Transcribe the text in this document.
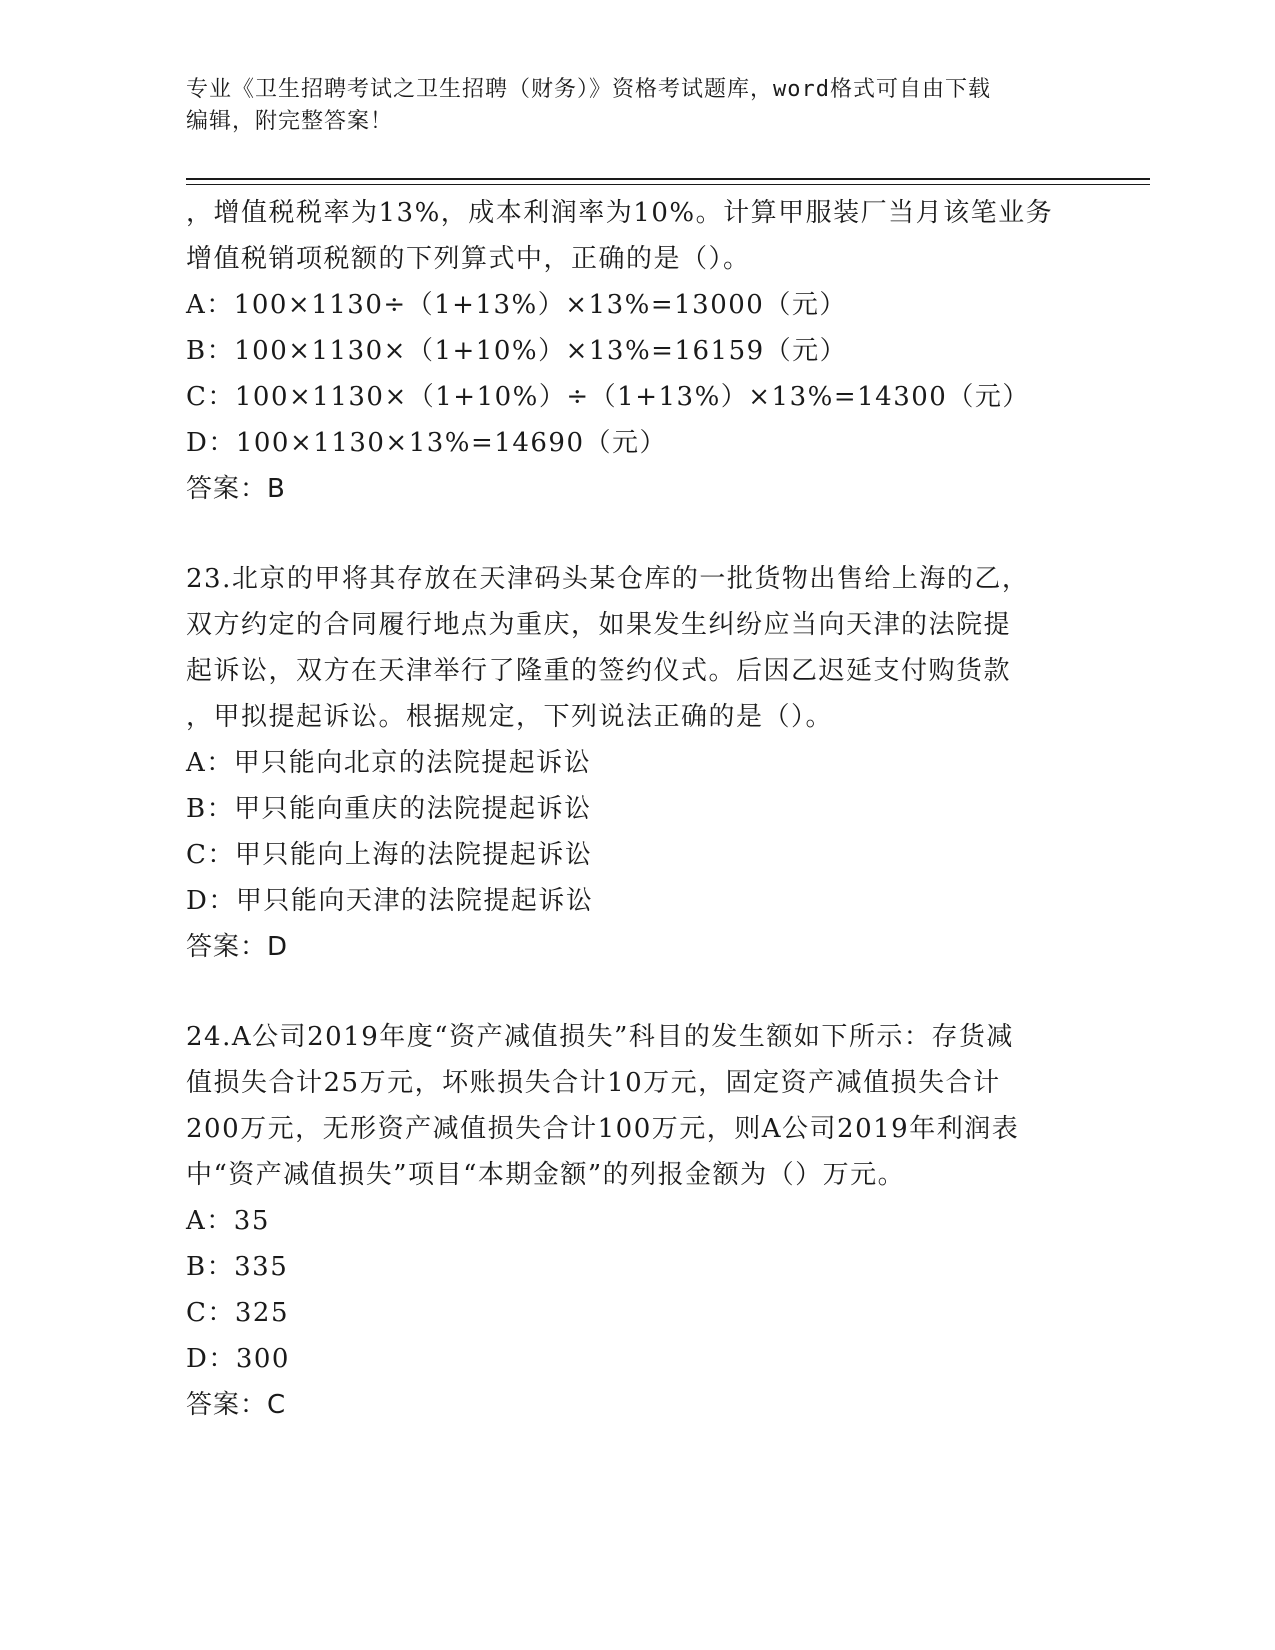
专业《卫生招聘考试之卫生招聘（财务）》资格考试题库，word格式可自由下载
编辑，附完整答案！
，增值税税率为13%，成本利润率为10%。计算甲服装厂当月该笔业务
增值税销项税额的下列算式中，正确的是（）。
A：100×1130÷（1+13%）×13%=13000（元）
B：100×1130×（1+10%）×13%=16159（元）
C：100×1130×（1+10%）÷（1+13%）×13%=14300（元）
D：100×1130×13%=14690（元）
答案：B
23.北京的甲将其存放在天津码头某仓库的一批货物出售给上海的乙，
双方约定的合同履行地点为重庆，如果发生纠纷应当向天津的法院提
起诉讼，双方在天津举行了隆重的签约仪式。后因乙迟延支付购货款
，甲拟提起诉讼。根据规定，下列说法正确的是（）。
A：甲只能向北京的法院提起诉讼
B：甲只能向重庆的法院提起诉讼
C：甲只能向上海的法院提起诉讼
D：甲只能向天津的法院提起诉讼
答案：D
24.A公司2019年度“资产减值损失”科目的发生额如下所示：存货减
值损失合计25万元，坏账损失合计10万元，固定资产减值损失合计
200万元，无形资产减值损失合计100万元，则A公司2019年利润表
中“资产减值损失”项目“本期金额”的列报金额为（）万元。
A：35
B：335
C：325
D：300
答案：C
